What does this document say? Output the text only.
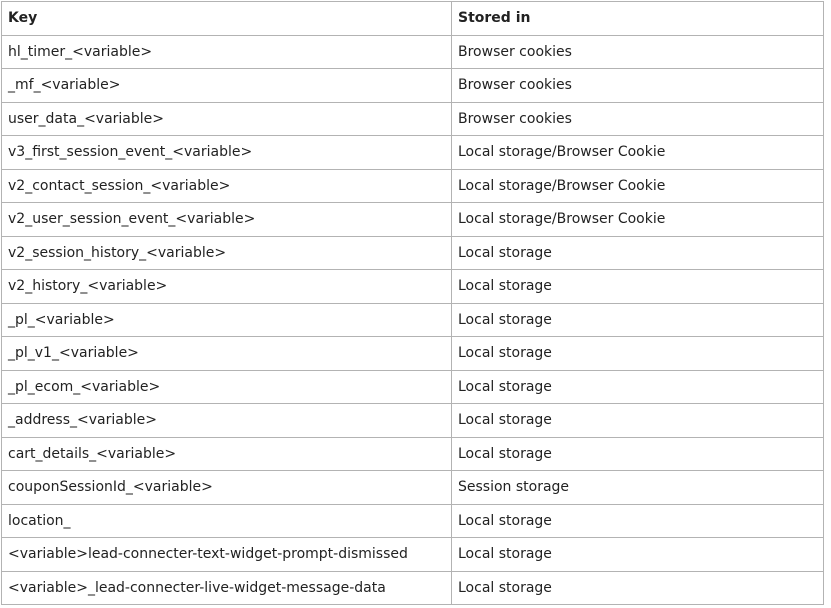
Key	Stored in
hl_timer_<variable>	Browser cookies
_mf_<variable>	Browser cookies
user_data_<variable>	Browser cookies
v3_first_session_event_<variable>	Local storage/Browser Cookie
v2_contact_session_<variable>	Local storage/Browser Cookie
v2_user_session_event_<variable>	Local storage/Browser Cookie
v2_session_history_<variable>	Local storage
v2_history_<variable>	Local storage
_pl_<variable>	Local storage
_pl_v1_<variable>	Local storage
_pl_ecom_<variable>	Local storage
_address_<variable>	Local storage
cart_details_<variable>	Local storage
couponSessionId_<variable>	Session storage
location_	Local storage
<variable>lead-connecter-text-widget-prompt-dismissed	Local storage
<variable>_lead-connecter-live-widget-message-data	Local storage
